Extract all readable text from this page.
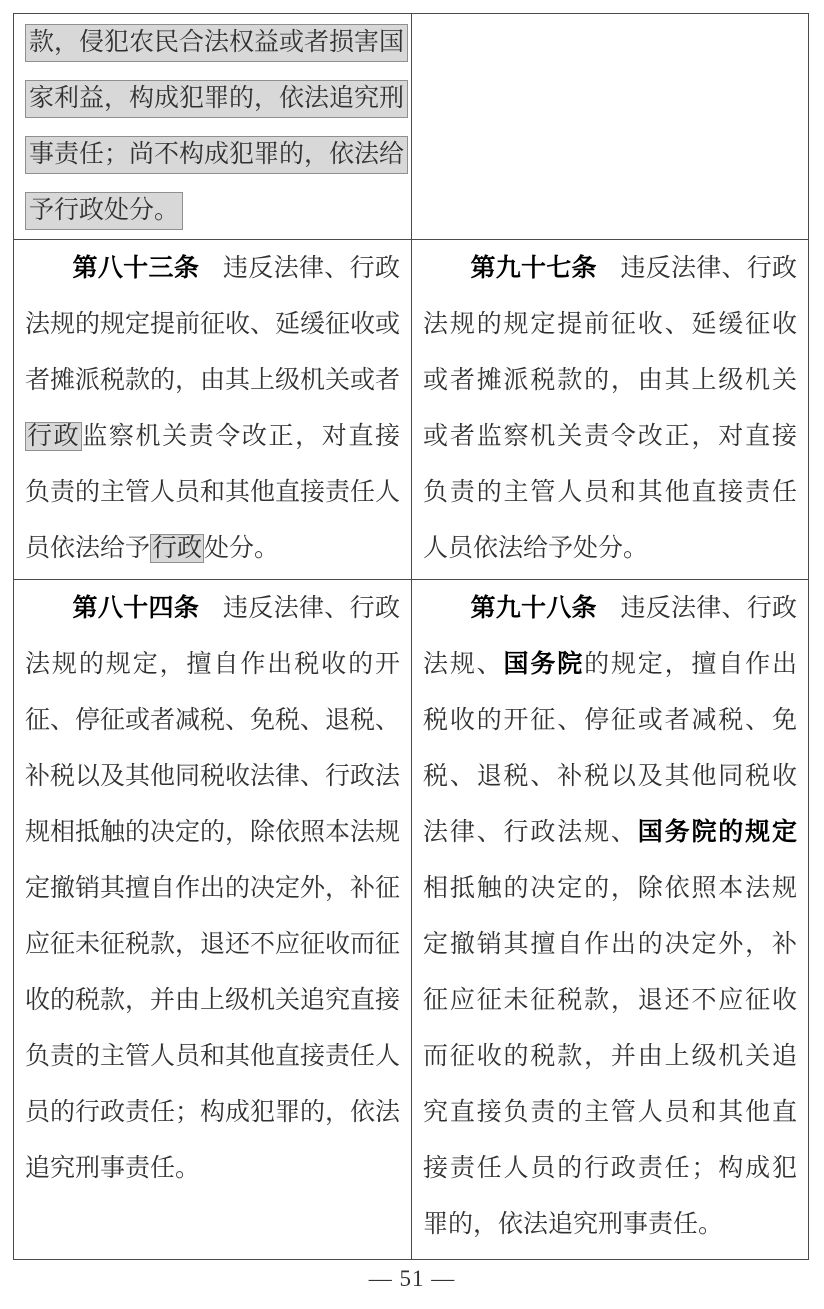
款，侵犯农民合法权益或者损害国
家利益，构成犯罪的，依法追究刑
事责任；尚不构成犯罪的，依法给
予行政处分。	

第八十三条 违反法律、行政法规的规定提前征收、延缓征收或者摊派税款的，由其上级机关或者行政监察机关责令改正，对直接负责的主管人员和其他直接责任人员依法给予行政处分。	第九十七条 违反法律、行政法规的规定提前征收、延缓征收或者摊派税款的，由其上级机关或者监察机关责令改正，对直接负责的主管人员和其他直接责任人员依法给予处分。

第八十四条 违反法律、行政法规的规定，擅自作出税收的开征、停征或者减税、免税、退税、补税以及其他同税收法律、行政法规相抵触的决定的，除依照本法规定撤销其擅自作出的决定外，补征应征未征税款，退还不应征收而征收的税款，并由上级机关追究直接负责的主管人员和其他直接责任人员的行政责任；构成犯罪的，依法追究刑事责任。	第九十八条 违反法律、行政法规、国务院的规定，擅自作出税收的开征、停征或者减税、免税、退税、补税以及其他同税收法律、行政法规、国务院的规定相抵触的决定的，除依照本法规定撤销其擅自作出的决定外，补征应征未征税款，退还不应征收而征收的税款，并由上级机关追究直接负责的主管人员和其他直接责任人员的行政责任；构成犯罪的，依法追究刑事责任。

— 51 —
